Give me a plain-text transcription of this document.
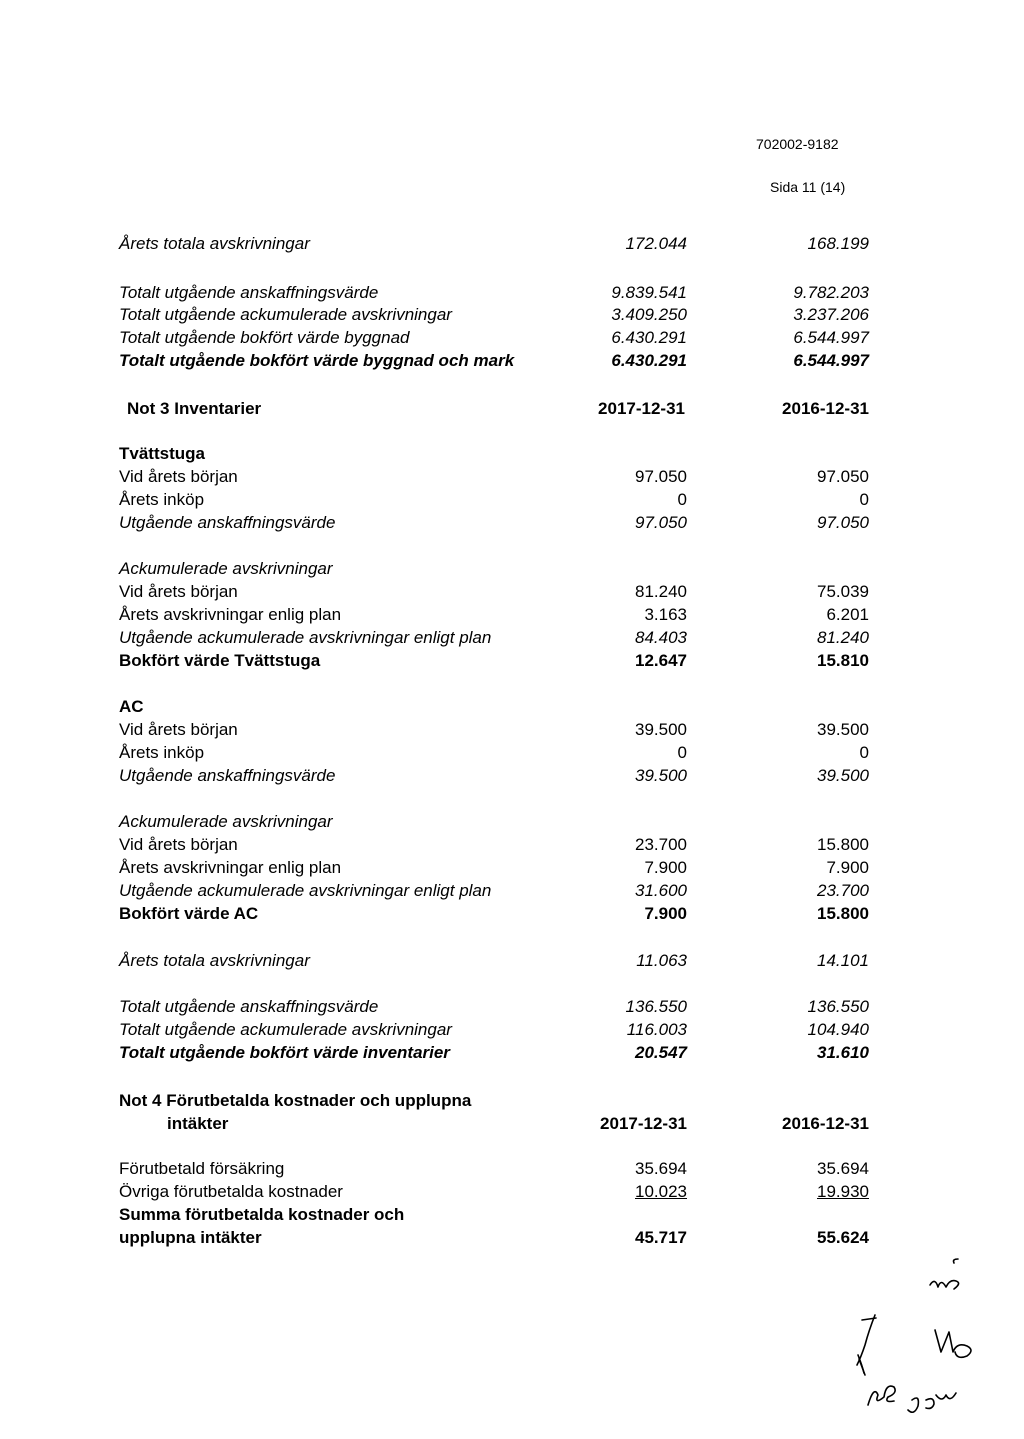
702002-9182
Sida 11 (14)
Årets totala avskrivningar	172.044	168.199
Totalt utgående anskaffningsvärde	9.839.541	9.782.203
Totalt utgående ackumulerade avskrivningar	3.409.250	3.237.206
Totalt utgående bokfört värde byggnad	6.430.291	6.544.997
Totalt utgående bokfört värde byggnad och mark	6.430.291	6.544.997
Not 3 Inventarier	2017-12-31	2016-12-31
Tvättstuga
Vid årets början	97.050	97.050
Årets inköp	0	0
Utgående anskaffningsvärde	97.050	97.050
Ackumulerade avskrivningar
Vid årets början	81.240	75.039
Årets avskrivningar enlig plan	3.163	6.201
Utgående ackumulerade avskrivningar enligt plan	84.403	81.240
Bokfört värde Tvättstuga	12.647	15.810
AC
Vid årets början	39.500	39.500
Årets inköp	0	0
Utgående anskaffningsvärde	39.500	39.500
Ackumulerade avskrivningar
Vid årets början	23.700	15.800
Årets avskrivningar enlig plan	7.900	7.900
Utgående ackumulerade avskrivningar enligt plan	31.600	23.700
Bokfört värde AC	7.900	15.800
Årets totala avskrivningar	11.063	14.101
Totalt utgående anskaffningsvärde	136.550	136.550
Totalt utgående ackumulerade avskrivningar	116.003	104.940
Totalt utgående bokfört värde inventarier	20.547	31.610
Not 4 Förutbetalda kostnader och upplupna
intäkter	2017-12-31	2016-12-31
Förutbetald försäkring	35.694	35.694
Övriga förutbetalda kostnader	10.023	19.930
Summa förutbetalda kostnader och
upplupna intäkter	45.717	55.624
